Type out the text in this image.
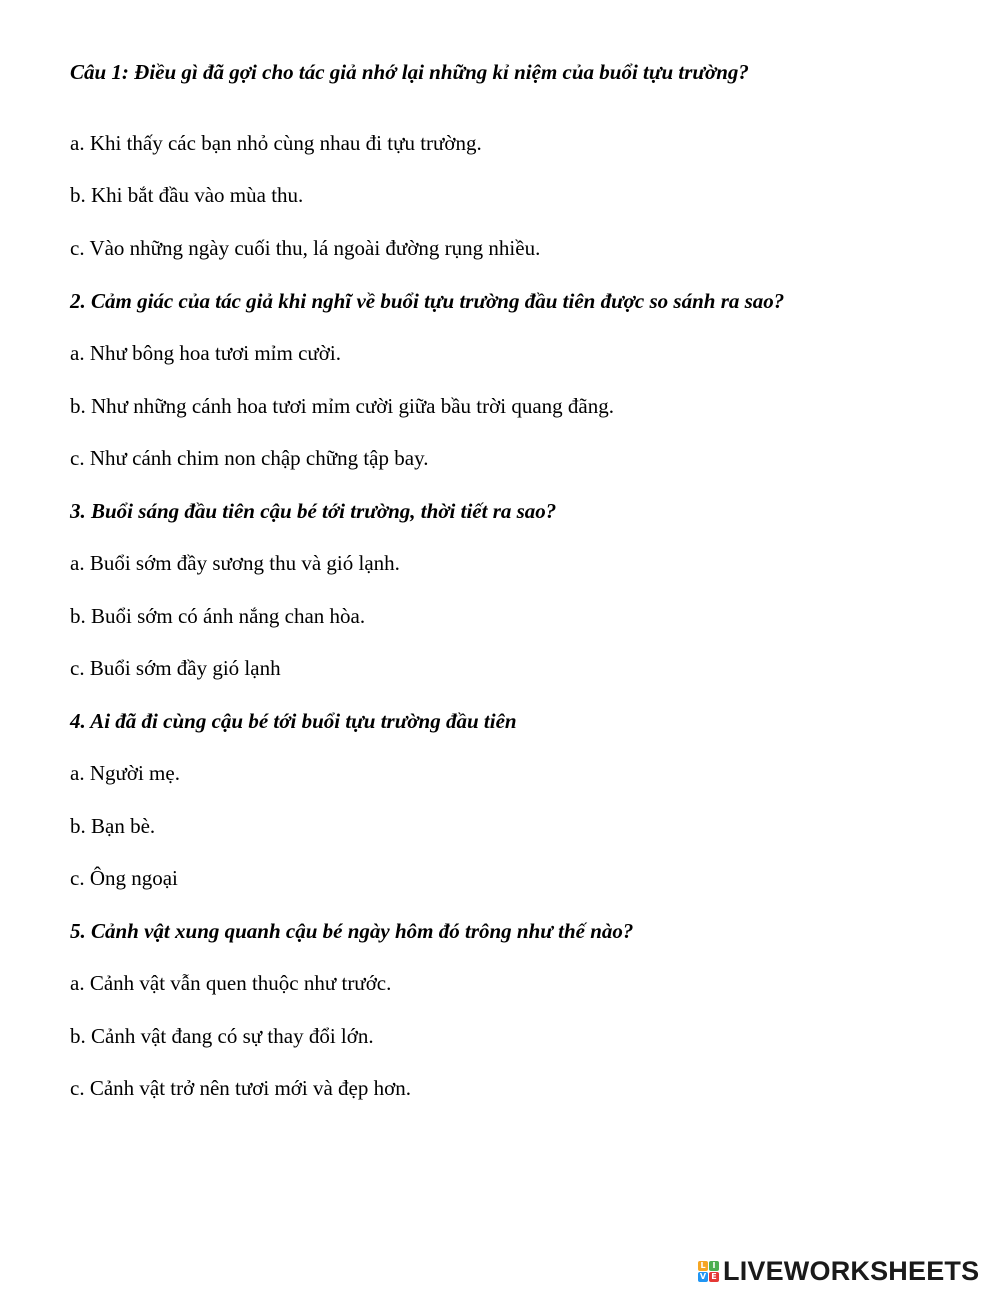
Câu 1: Điều gì đã gợi cho tác giả nhớ lại những kỉ niệm của buổi tựu trường?
a. Khi thấy các bạn nhỏ cùng nhau đi tựu trường.
b. Khi bắt đầu vào mùa thu.
c. Vào những ngày cuối thu, lá ngoài đường rụng nhiều.
2. Cảm giác của tác giả khi nghĩ về buổi tựu trường đầu tiên được so sánh ra sao?
a. Như bông hoa tươi mỉm cười.
b. Như những cánh hoa tươi mỉm cười giữa bầu trời quang đãng.
c. Như cánh chim non chập chững tập bay.
3. Buổi sáng đầu tiên cậu bé tới trường, thời tiết ra sao?
a. Buổi sớm đầy sương thu và gió lạnh.
b. Buổi sớm có ánh nắng chan hòa.
c. Buổi sớm đầy gió lạnh
4. Ai đã đi cùng cậu bé tới buổi tựu trường đầu tiên
a. Người mẹ.
b. Bạn bè.
c. Ông ngoại
5. Cảnh vật xung quanh cậu bé ngày hôm đó trông như thế nào?
a. Cảnh vật vẫn quen thuộc như trước.
b. Cảnh vật đang có sự thay đổi lớn.
c. Cảnh vật trở nên tươi mới và đẹp hơn.
L I
V E LIVEWORKSHEETS
